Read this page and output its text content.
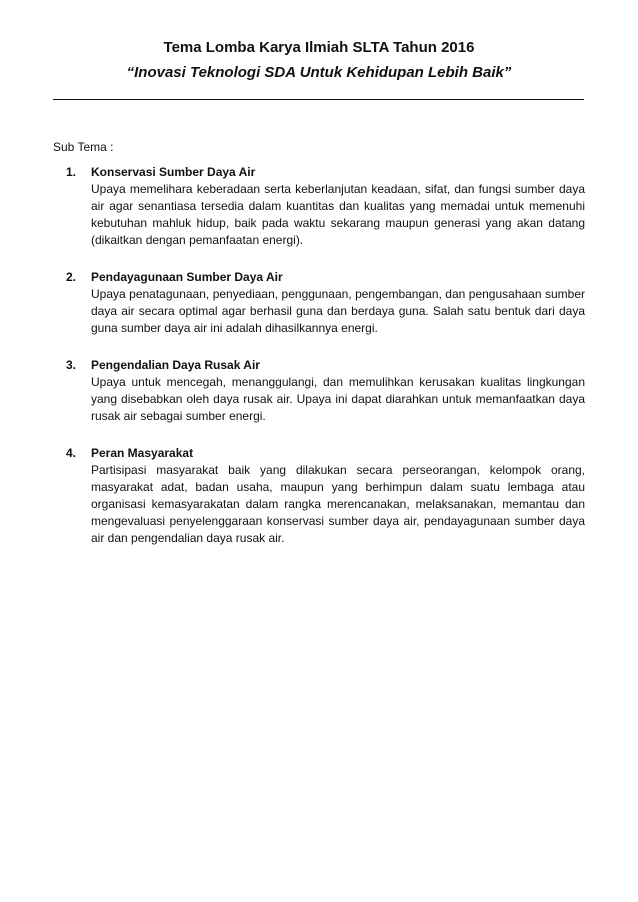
Tema Lomba Karya Ilmiah SLTA Tahun 2016
“Inovasi Teknologi SDA Untuk Kehidupan Lebih Baik”
Sub Tema :
1.	Konservasi Sumber Daya Air
Upaya memelihara keberadaan serta keberlanjutan keadaan, sifat, dan fungsi sumber daya air agar senantiasa tersedia dalam kuantitas dan kualitas yang memadai untuk memenuhi kebutuhan mahluk hidup, baik pada waktu sekarang maupun generasi yang akan datang (dikaitkan dengan pemanfaatan energi).
2.	Pendayagunaan Sumber Daya Air
Upaya penatagunaan, penyediaan, penggunaan, pengembangan, dan pengusahaan sumber daya air secara optimal agar berhasil guna dan berdaya guna. Salah satu bentuk dari daya guna sumber daya air ini adalah dihasilkannya energi.
3.	Pengendalian Daya Rusak Air
Upaya untuk mencegah, menanggulangi, dan memulihkan kerusakan kualitas lingkungan yang disebabkan oleh daya rusak air. Upaya ini dapat diarahkan untuk memanfaatkan daya rusak air sebagai sumber energi.
4.	Peran Masyarakat
Partisipasi masyarakat baik yang dilakukan secara perseorangan, kelompok orang, masyarakat adat, badan usaha, maupun yang berhimpun dalam suatu lembaga atau organisasi kemasyarakatan dalam rangka merencanakan, melaksanakan, memantau dan mengevaluasi penyelenggaraan konservasi sumber daya air, pendayagunaan sumber daya air dan pengendalian daya rusak air.
